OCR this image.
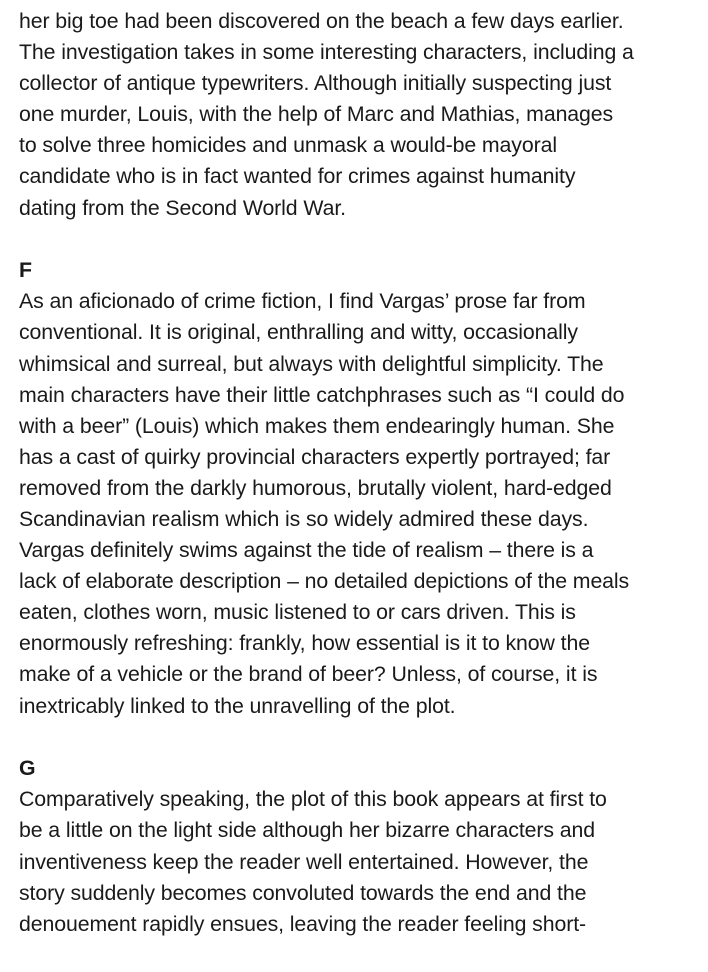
her big toe had been discovered on the beach a few days earlier.
The investigation takes in some interesting characters, including a
collector of antique typewriters. Although initially suspecting just
one murder, Louis, with the help of Marc and Mathias, manages
to solve three homicides and unmask a would-be mayoral
candidate who is in fact wanted for crimes against humanity
dating from the Second World War.
F
As an aficionado of crime fiction, I find Vargas’ prose far from
conventional. It is original, enthralling and witty, occasionally
whimsical and surreal, but always with delightful simplicity. The
main characters have their little catchphrases such as “I could do
with a beer” (Louis) which makes them endearingly human. She
has a cast of quirky provincial characters expertly portrayed; far
removed from the darkly humorous, brutally violent, hard-edged
Scandinavian realism which is so widely admired these days.
Vargas definitely swims against the tide of realism – there is a
lack of elaborate description – no detailed depictions of the meals
eaten, clothes worn, music listened to or cars driven. This is
enormously refreshing: frankly, how essential is it to know the
make of a vehicle or the brand of beer? Unless, of course, it is
inextricably linked to the unravelling of the plot.
G
Comparatively speaking, the plot of this book appears at first to
be a little on the light side although her bizarre characters and
inventiveness keep the reader well entertained. However, the
story suddenly becomes convoluted towards the end and the
denouement rapidly ensues, leaving the reader feeling short-
